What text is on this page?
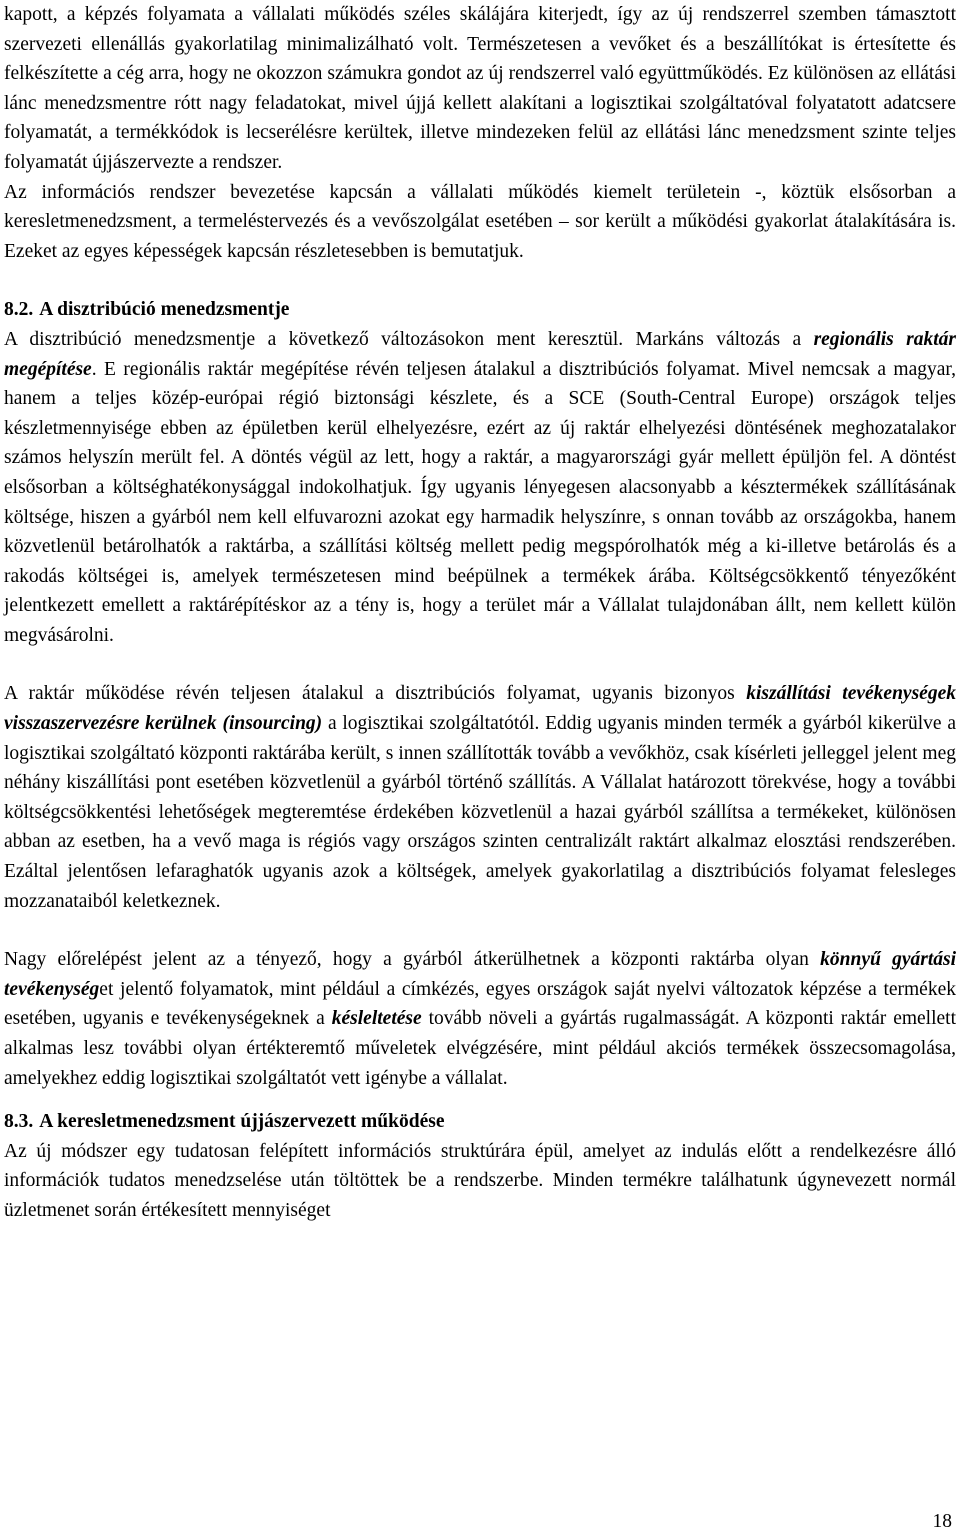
kapott, a képzés folyamata a vállalati működés széles skálájára kiterjedt, így az új rendszerrel szemben támasztott szervezeti ellenállás gyakorlatilag minimalizálható volt. Természetesen a vevőket és a beszállítókat is értesítette és felkészítette a cég arra, hogy ne okozzon számukra gondot az új rendszerrel való együttműködés. Ez különösen az ellátási lánc menedzsmentre rótt nagy feladatokat, mivel újjá kellett alakítani a logisztikai szolgáltatóval folyatatott adatcsere folyamatát, a termékkódok is lecserélésre kerültek, illetve mindezeken felül az ellátási lánc menedzsment szinte teljes folyamatát újjászervezte a rendszer.

Az információs rendszer bevezetése kapcsán a vállalati működés kiemelt területein -, köztük elsősorban a keresletmenedzsment, a termeléstervezés és a vevőszolgálat esetében – sor került a működési gyakorlat átalakítására is. Ezeket az egyes képességek kapcsán részletesebben is bemutatjuk.

8.2. A disztribúció menedzsmentje

A disztribúció menedzsmentje a következő változásokon ment keresztül. Markáns változás a regionális raktár megépítése. E regionális raktár megépítése révén teljesen átalakul a disztribúciós folyamat. Mivel nemcsak a magyar, hanem a teljes közép-európai régió biztonsági készlete, és a SCE (South-Central Europe) országok teljes készletmennyisége ebben az épületben kerül elhelyezésre, ezért az új raktár elhelyezési döntésének meghozatalakor számos helyszín merült fel. A döntés végül az lett, hogy a raktár, a magyarországi gyár mellett épüljön fel. A döntést elsősorban a költséghatékonysággal indokolhatjuk. Így ugyanis lényegesen alacsonyabb a késztermékek szállításának költsége, hiszen a gyárból nem kell elfuvarozni azokat egy harmadik helyszínre, s onnan tovább az országokba, hanem közvetlenül betárolhatók a raktárba, a szállítási költség mellett pedig megspórolhatók még a ki-illetve betárolás és a rakodás költségei is, amelyek természetesen mind beépülnek a termékek árába. Költségcsökkentő tényezőként jelentkezett emellett a raktárépítéskor az a tény is, hogy a terület már a Vállalat tulajdonában állt, nem kellett külön megvásárolni.

A raktár működése révén teljesen átalakul a disztribúciós folyamat, ugyanis bizonyos kiszállítási tevékenységek visszaszervezésre kerülnek (insourcing) a logisztikai szolgáltatótól. Eddig ugyanis minden termék a gyárból kikerülve a logisztikai szolgáltató központi raktárába került, s innen szállították tovább a vevőkhöz, csak kísérleti jelleggel jelent meg néhány kiszállítási pont esetében közvetlenül a gyárból történő szállítás. A Vállalat határozott törekvése, hogy a további költségcsökkentési lehetőségek megteremtése érdekében közvetlenül a hazai gyárból szállítsa a termékeket, különösen abban az esetben, ha a vevő maga is régiós vagy országos szinten centralizált raktárt alkalmaz elosztási rendszerében. Ezáltal jelentősen lefaraghatók ugyanis azok a költségek, amelyek gyakorlatilag a disztribúciós folyamat felesleges mozzanataiból keletkeznek.

Nagy előrelépést jelent az a tényező, hogy a gyárból átkerülhetnek a központi raktárba olyan könnyű gyártási tevékenységet jelentő folyamatok, mint például a címkézés, egyes országok saját nyelvi változatok képzése a termékek esetében, ugyanis e tevékenységeknek a késleltetése tovább növeli a gyártás rugalmasságát. A központi raktár emellett alkalmas lesz további olyan értékteremtő műveletek elvégzésére, mint például akciós termékek összecsomagolása, amelyekhez eddig logisztikai szolgáltatót vett igénybe a vállalat.

8.3. A keresletmenedzsment újjászervezett működése

Az új módszer egy tudatosan felépített információs struktúrára épül, amelyet az indulás előtt a rendelkezésre álló információk tudatos menedzselése után töltöttek be a rendszerbe. Minden termékre találhatunk úgynevezett normál üzletmenet során értékesített mennyiséget

18
